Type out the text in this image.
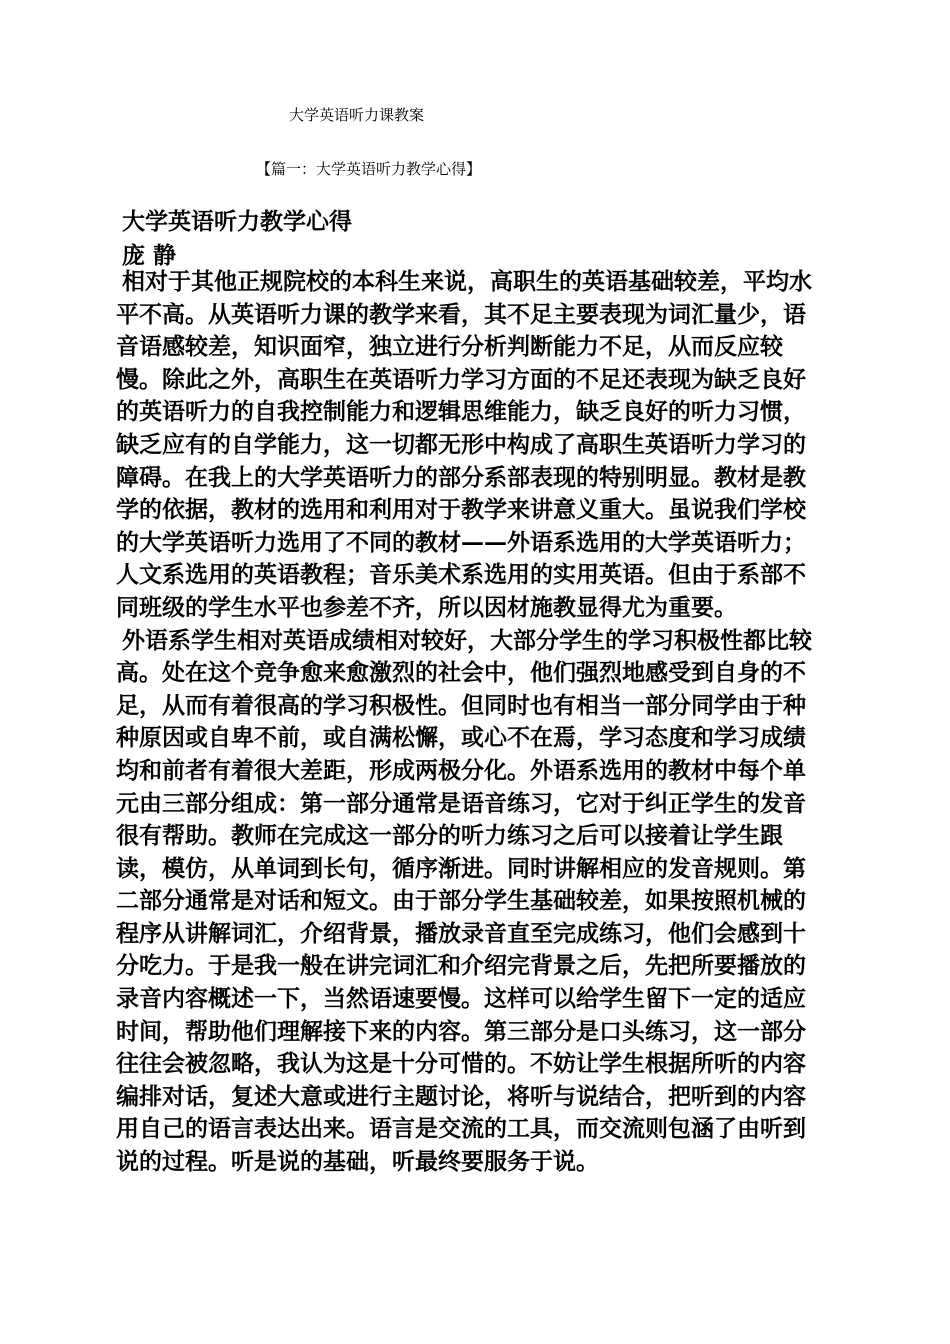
大学英语听力课教案
【篇一：大学英语听力教学心得】
大学英语听力教学心得
庞 静

相对于其他正规院校的本科生来说，高职生的英语基础较差，平均水平不高。从英语听力课的教学来看，其不足主要表现为词汇量少，语音语感较差，知识面窄，独立进行分析判断能力不足，从而反应较慢。除此之外，高职生在英语听力学习方面的不足还表现为缺乏良好的英语听力的自我控制能力和逻辑思维能力，缺乏良好的听力习惯，缺乏应有的自学能力，这一切都无形中构成了高职生英语听力学习的障碍。在我上的大学英语听力的部分系部表现的特别明显。教材是教学的依据，教材的选用和利用对于教学来讲意义重大。虽说我们学校的大学英语听力选用了不同的教材——外语系选用的大学英语听力；人文系选用的英语教程；音乐美术系选用的实用英语。但由于系部不同班级的学生水平也参差不齐，所以因材施教显得尤为重要。

外语系学生相对英语成绩相对较好，大部分学生的学习积极性都比较高。处在这个竞争愈来愈激烈的社会中，他们强烈地感受到自身的不足，从而有着很高的学习积极性。但同时也有相当一部分同学由于种种原因或自卑不前，或自满松懈，或心不在焉，学习态度和学习成绩均和前者有着很大差距，形成两极分化。外语系选用的教材中每个单元由三部分组成：第一部分通常是语音练习，它对于纠正学生的发音很有帮助。教师在完成这一部分的听力练习之后可以接着让学生跟读，模仿，从单词到长句，循序渐进。同时讲解相应的发音规则。第二部分通常是对话和短文。由于部分学生基础较差，如果按照机械的程序从讲解词汇，介绍背景，播放录音直至完成练习，他们会感到十分吃力。于是我一般在讲完词汇和介绍完背景之后，先把所要播放的录音内容概述一下，当然语速要慢。这样可以给学生留下一定的适应时间，帮助他们理解接下来的内容。第三部分是口头练习，这一部分往往会被忽略，我认为这是十分可惜的。不妨让学生根据所听的内容编排对话，复述大意或进行主题讨论，将听与说结合，把听到的内容用自己的语言表达出来。语言是交流的工具，而交流则包涵了由听到说的过程。听是说的基础，听最终要服务于说。
